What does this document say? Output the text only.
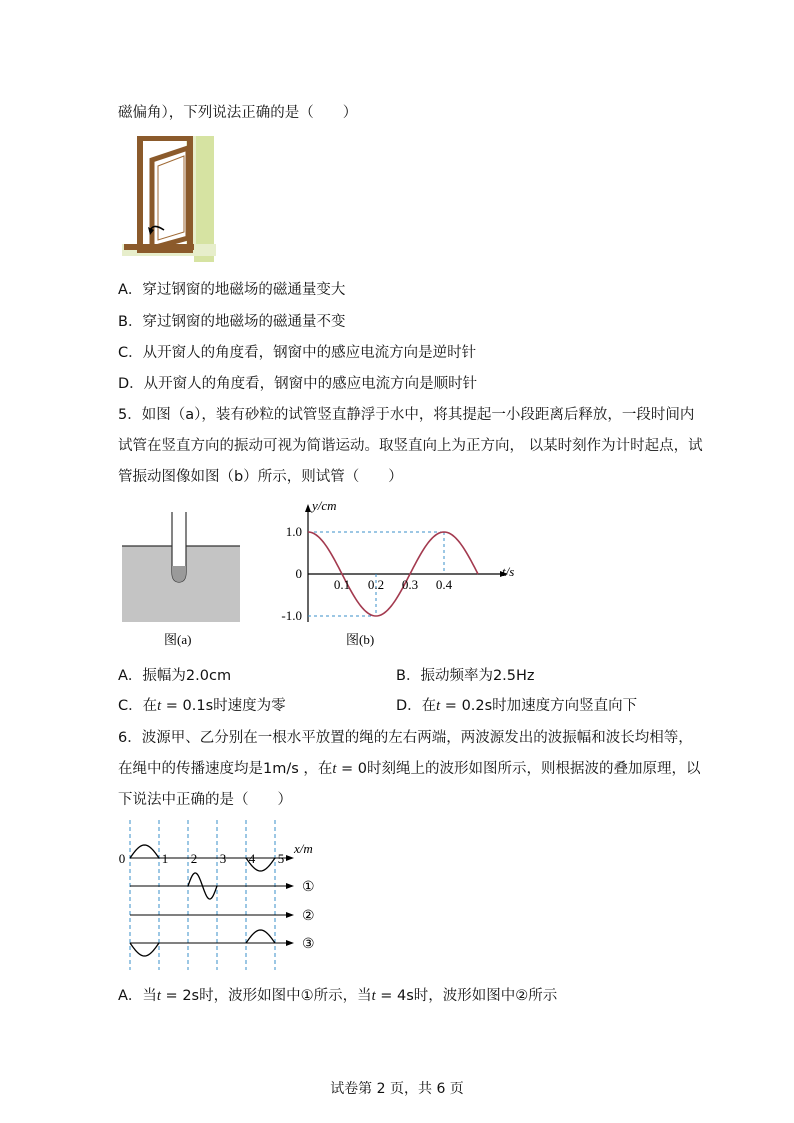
磁偏角），下列说法正确的是（　　）
A．穿过钢窗的地磁场的磁通量变大
B．穿过钢窗的地磁场的磁通量不变
C．从开窗人的角度看，钢窗中的感应电流方向是逆时针
D．从开窗人的角度看，钢窗中的感应电流方向是顺时针
5．如图（a），装有砂粒的试管竖直静浮于水中，将其提起一小段距离后释放，一段时间内
试管在竖直方向的振动可视为简谐运动。取竖直向上为正方向， 以某时刻作为计时起点，试
管振动图像如图（b）所示，则试管（　　）
图(a)
y/cm
t/s
1.0
0
-1.0
0.1 0.2 0.3 0.4
图(b)
A．振幅为2.0cm	B．振动频率为2.5Hz
C．在t = 0.1s时速度为零	D．在t = 0.2s时加速度方向竖直向下
6．波源甲、乙分别在一根水平放置的绳的左右两端，两波源发出的波振幅和波长均相等，
在绳中的传播速度均是1m/s ，在t = 0时刻绳上的波形如图所示，则根据波的叠加原理，以
下说法中正确的是（　　）
0	1 2 3 4 5
①
②
③
x/m
A．当t = 2s时，波形如图中①所示，当t = 4s时，波形如图中②所示
试卷第 2 页，共 6 页
